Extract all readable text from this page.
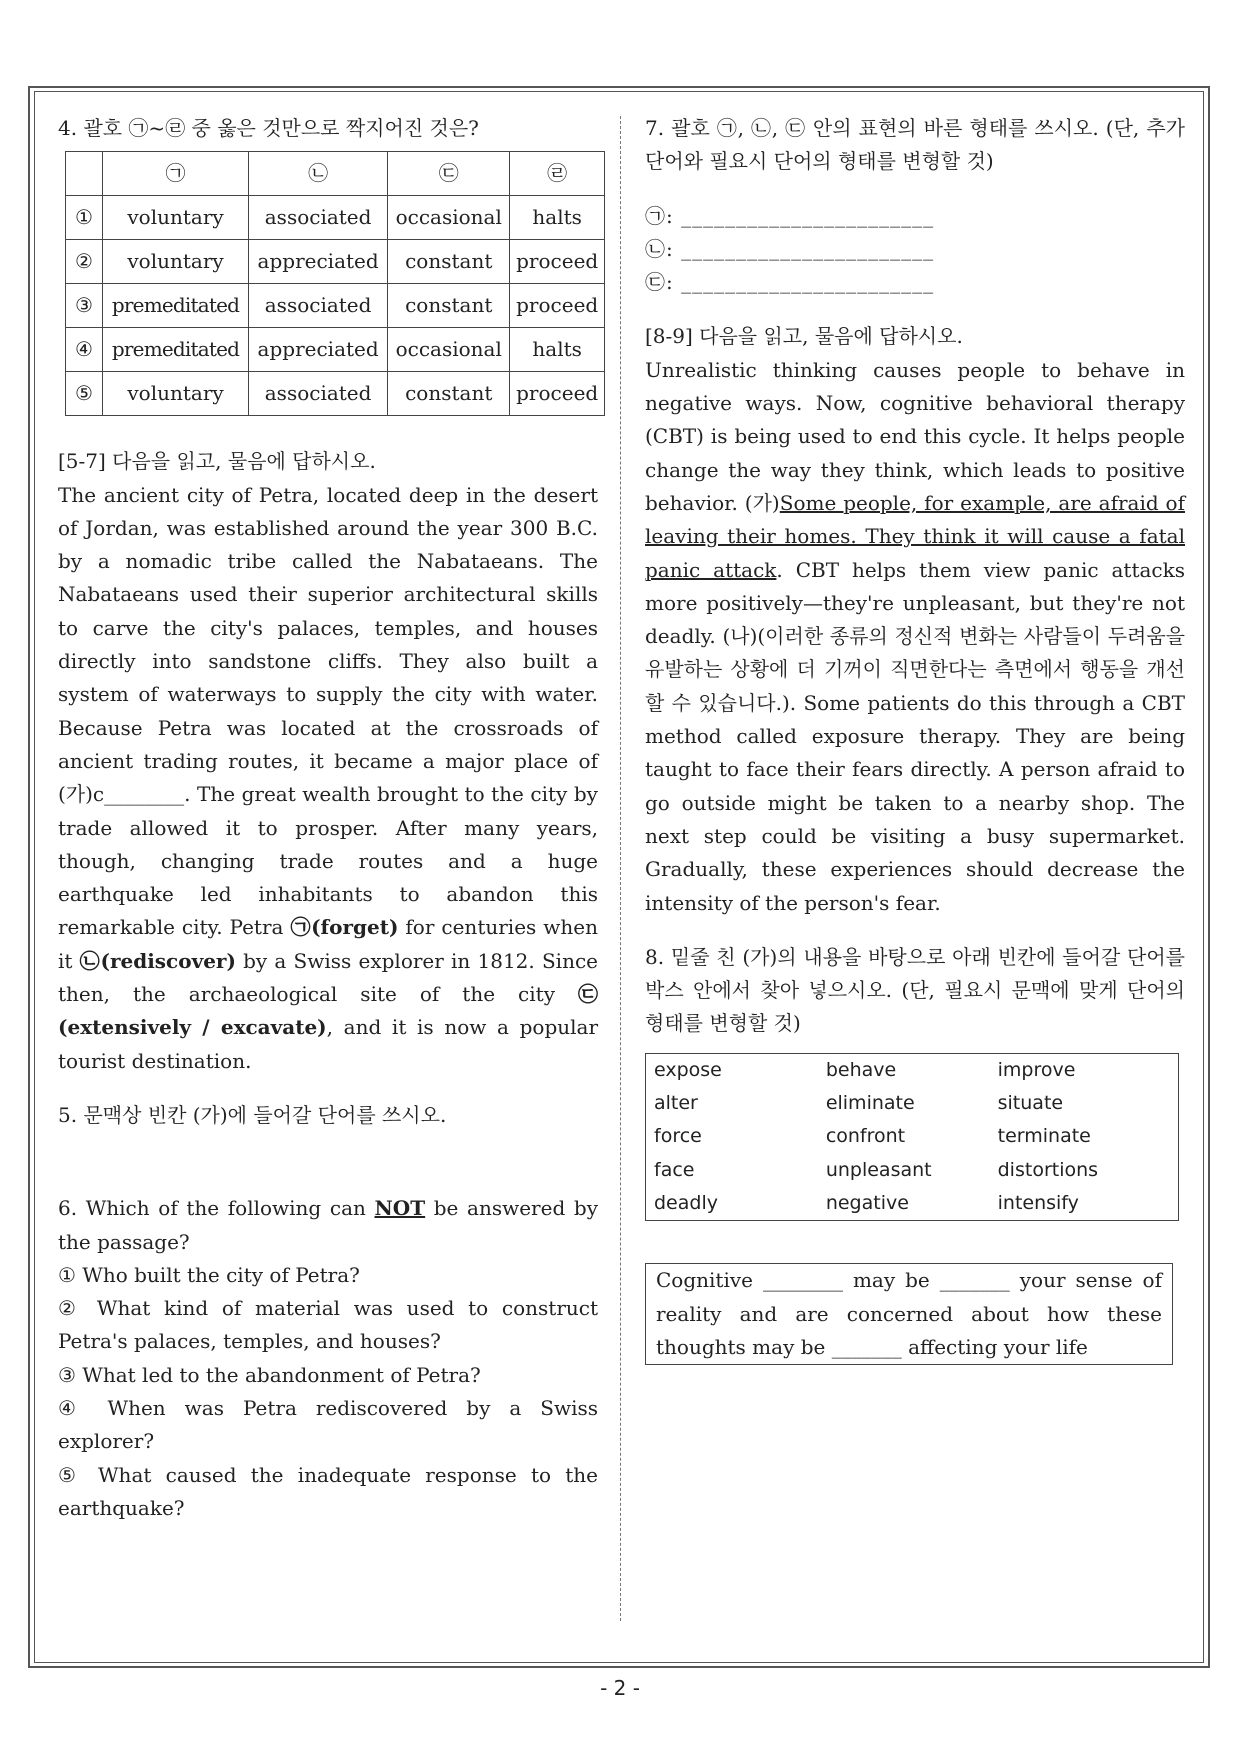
4. 괄호 ㉠~㉣ 중 옳은 것만으로 짝지어진 것은?

	㉠	㉡	㉢	㉣
①	voluntary	associated	occasional	halts
②	voluntary	appreciated	constant	proceed
③	premeditated	associated	constant	proceed
④	premeditated	appreciated	occasional	halts
⑤	voluntary	associated	constant	proceed

[5-7] 다음을 읽고, 물음에 답하시오.

The ancient city of Petra, located deep in the desert of Jordan, was established around the year 300 B.C. by a nomadic tribe called the Nabataeans. The Nabataeans used their superior architectural skills to carve the city's palaces, temples, and houses directly into sandstone cliffs. They also built a system of waterways to supply the city with water. Because Petra was located at the crossroads of ancient trading routes, it became a major place of (가)c________. The great wealth brought to the city by trade allowed it to prosper. After many years, though, changing trade routes and a huge earthquake led inhabitants to abandon this remarkable city. Petra ㉠(forget) for centuries when it ㉡(rediscover) by a Swiss explorer in 1812. Since then, the archaeological site of the city ㉢(extensively / excavate), and it is now a popular tourist destination.

5. 문맥상 빈칸 (가)에 들어갈 단어를 쓰시오.

6. Which of the following can NOT be answered by the passage?

① Who built the city of Petra?

② What kind of material was used to construct Petra's palaces, temples, and houses?

③ What led to the abandonment of Petra?

④ When was Petra rediscovered by a Swiss explorer?

⑤ What caused the inadequate response to the earthquake?

7. 괄호 ㉠, ㉡, ㉢ 안의 표현의 바른 형태를 쓰시오. (단, 추가단어와 필요시 단어의 형태를 변형할 것)

㉠: _______________________

㉡: _______________________

㉢: _______________________

[8-9] 다음을 읽고, 물음에 답하시오.

Unrealistic thinking causes people to behave in negative ways. Now, cognitive behavioral therapy (CBT) is being used to end this cycle. It helps people change the way they think, which leads to positive behavior. (가)Some people, for example, are afraid of leaving their homes. They think it will cause a fatal panic attack. CBT helps them view panic attacks more positively—they're unpleasant, but they're not deadly. (나)(이러한 종류의 정신적 변화는 사람들이 두려움을 유발하는 상황에 더 기꺼이 직면한다는 측면에서 행동을 개선할 수 있습니다.). Some patients do this through a CBT method called exposure therapy. They are being taught to face their fears directly. A person afraid to go outside might be taken to a nearby shop. The next step could be visiting a busy supermarket. Gradually, these experiences should decrease the intensity of the person's fear.

8. 밑줄 친 (가)의 내용을 바탕으로 아래 빈칸에 들어갈 단어를 박스 안에서 찾아 넣으시오. (단, 필요시 문맥에 맞게 단어의 형태를 변형할 것)

expose	behave	improve
alter	eliminate	situate
force	confront	terminate
face	unpleasant	distortions
deadly	negative	intensify
Cognitive ________ may be _______ your sense of reality and are concerned about how these thoughts may be _______ affecting your life
- 2 -
